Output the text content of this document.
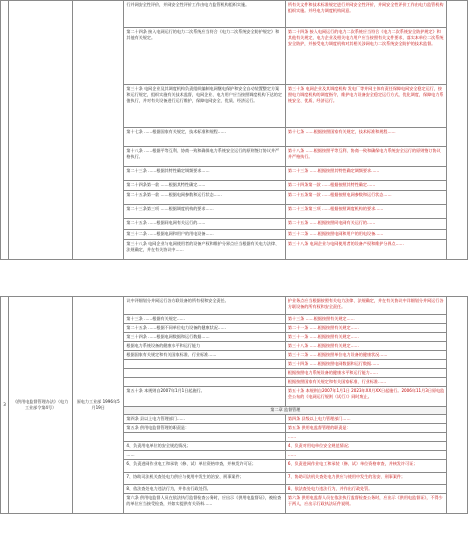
			行并网安全性评价，并网安全性评价工作由电力监管机构组织实施。	所有关文件和技术标准规定进行并网安全性评价，并网安全性评价工作由电力监管机构组织实施。并经电力调度机构同意。	
			第二十四条 接入电网运行的电力二次系统应当符合《电力二次系统安全防护规定》和其他有关规定。	第二十四条 接入电网运行的电力二次系统应当符合《电力二次系统安全防护规定》和其他有关规定，电力企业及相关电力用户应当按照有关文件要求，落实本单位二次系统安全防护，并接受电力调度机构对其相关涉网电力二次系统安全防护的技术监督。	
			第三十条 电网企业及其调度机构负责组织编制电网继电保护和安全自动装置整定方案和运行规定，组织实施有关技术监督，电网企业、电力用户应当按照调度机构下达的定值执行，并对有关设备进行运行维护，保障电网安全、优质、经济运行。	第三十条 电网企业及其调度机构 发电厂等并网主体有责任保障电网安全稳定运行，按照电力调度机构的调度指令，维护电力设备安全稳定运行方式，优化调度，保障电力系统安全、优质、经济运行。	
			第十七条 ……根据国家有关规定，技术标准和规程……	第十七条 ……根据按照国家有关规定，技术标准和规程……	
			第十八条 ……根据平等互利、协商一致和确保电力系统安全运行的原则签订协议并严格执行。	第十八条 ……根据按照平等互利、协商一致和确保电力系统安全运行的原则签订协议并严格执行。	
			第二十三条 ……根据其特性确定调频要求……	第二十三条 ……根据按照其特性确定调频要求……	
			第二十四条第一款 ……根据其特性确定……	第二十四条第一款 ……根据按照其特性确定……	
			第二十五条第一款 ……根据电网参数和运行状态……	第二十五条第一款 ……根据按照电网参数和运行状态……	
			第二十三条第三项 ……根据调度机构的要求……	第二十三条第三项 ……根据按照调度机构的要求……	
			第二十五条 ……根据同电网有关运行的……	第二十五条 ……根据按照同电网有关运行的……	
			第三十二条 ……根据电网和用户的用电设备……	第三十二条 ……根据按照电网和用户的用电设备……	
			第三十八条 电网企业与电网使用者的设备产权和维护分界点应当根据有关电力法律、法规确定，并在有关协议中……	第三十八条 电网企业与电网使用者的设备产权和维护分界点……	
3	《供用电监督管理办法》（电力工业部令第4号）	原电力工业部 1996年5月19日	议中评细划分并网运行各方联设备的所有权和安全责任。	护业务点应当根据按照有关电力法律、法规确定，并在有关协议中详细划分并网运行各方联设备的所有权和安全责任。	
			第十三条 ……根据有关规定……	第十三条 ……根据按照有关规定……	
			第二十五条 ……根据不同单位电力设备的健康状况……	第二十一条 ……根据按照有关规定……	
			第三十四条 ……根据电网数据和运行数据……	第三十一条 ……根据按照有关规定……	
			根据电力系统设备的健康水平和运行能力	第三十八条 ……根据按照有关规定……	
			根据国家有关规定和有关国家标准、行业标准……	第三十二条 ……根据按照单位电力设备的健康状况……	
				第三十四条 ……根据按照电网数据和运行数据……	
				根据按照电力系统设备的健康水平和运行能力……	
				根据按照国家有关规定和有关国家标准、行业标准……	
			第五十条 本规则自2007年1月1日起施行。	第五十条 本规则自2007年1月1日 2023年XX月XX日起施行。2006年11月3日原电监会公布的《电网运行规则（试行）》同时废止。	
			第二章 监督管理		
			第四条 县以上电力管理部门……	第四条 县级以上电力管理部门……	
			第五条 供用电监督管理的职责是：	第五条 供用电监督管理的职责是：	
				……	
			4、负责用电单位的安全规范情况；	4、负责对用电单位安全规范情况；	
			……	……	
			6、负责进网作业电工和承装（修、试）单位资格审查，并核发许可证；	6、负责进网作业电工和承装（修、试）单位资格审查，并核发许可证；	
			7、协助司法机关查处电力供应与使用中发生的治安、刑事案件；	7、协助司法机关查处电力供应与使用中发生的治安、刑事案件；	
			8、依法查处电力违法行为，并作出行政处罚。	8、依法查处电力违法行为，并作出行政处罚。	
			第六条 供用电监督人员在依法执行监督检查公务时，应出示《供用电监督证》，被检查的单位应当接受检查，并如实提供有关资料……	第六条 供用电监督人员在依法执行监督检查公务时，应出示《供用电监督证》，不得少于两人，应出示行政执法证件说明。	
